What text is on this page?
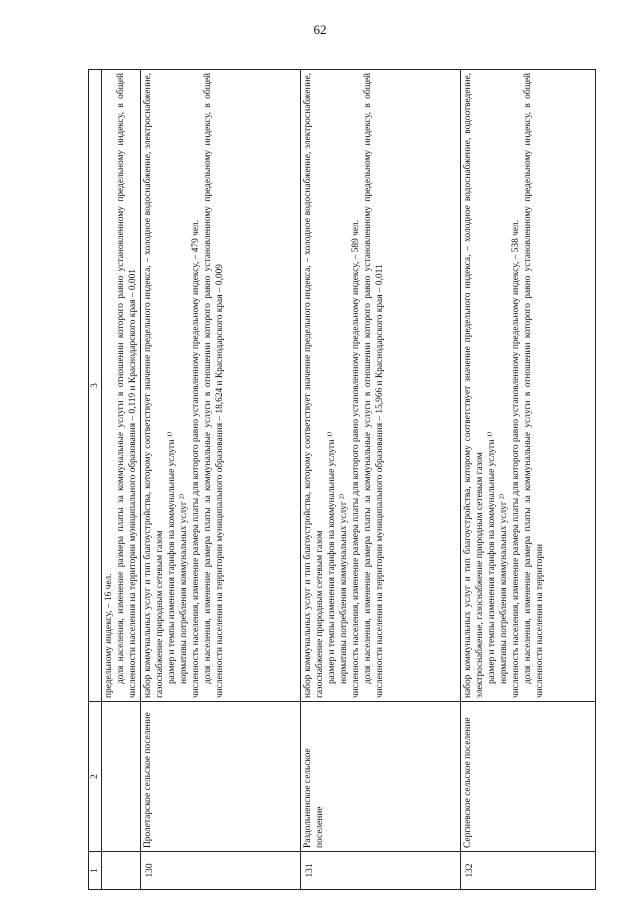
62
1	2	3

		предельному индексу, – 16 чел. доля населения, изменение размера платы за коммунальные услуги в отношении которого равно установленному предельному индексу, в общей численности населения на территории муниципального образования – 0,119 и Краснодарского края – 0,001

130	Пролетарское сельское поселение	набор коммунальных услуг и тип благоустройства, которому соответствует значение предельного индекса, – холодное водоснабжение, электроснабжение, газоснабжение природным сетевым газом размер и темпы изменения тарифов на коммунальные услуги ¹⁾ нормативы потребления коммунальных услуг ²⁾ численность населения, изменение размера платы для которого равно установленному предельному индексу, – 479 чел. доля населения, изменение размера платы за коммунальные услуги в отношении которого равно установленному предельному индексу, в общей численности населения на территории муниципального образования – 18,624 и Краснодарского края – 0,009

131	Раздольненское сельское поселение	набор коммунальных услуг и тип благоустройства, которому соответствует значение предельного индекса, – холодное водоснабжение, электроснабжение, газоснабжение природным сетевым газом размер и темпы изменения тарифов на коммунальные услуги ¹⁾ нормативы потребления коммунальных услуг ²⁾ численность населения, изменение размера платы для которого равно установленному предельному индексу, – 589 чел. доля населения, изменение размера платы за коммунальные услуги в отношении которого равно установленному предельному индексу, в общей численности населения на территории муниципального образования – 15,966 и Краснодарского края – 0,011

132	Сергиевское сельское поселение	набор коммунальных услуг и тип благоустройства, которому соответствует значение предельного индекса, – холодное водоснабжение, водоотведение, электроснабжение, газоснабжение природным сетевым газом размер и темпы изменения тарифов на коммунальные услуги ¹⁾ нормативы потребления коммунальных услуг ²⁾ численность населения, изменение размера платы для которого равно установленному предельному индексу, – 538 чел. доля населения, изменение размера платы за коммунальные услуги в отношении которого равно установленному предельному индексу, в общей численности населения на территории
